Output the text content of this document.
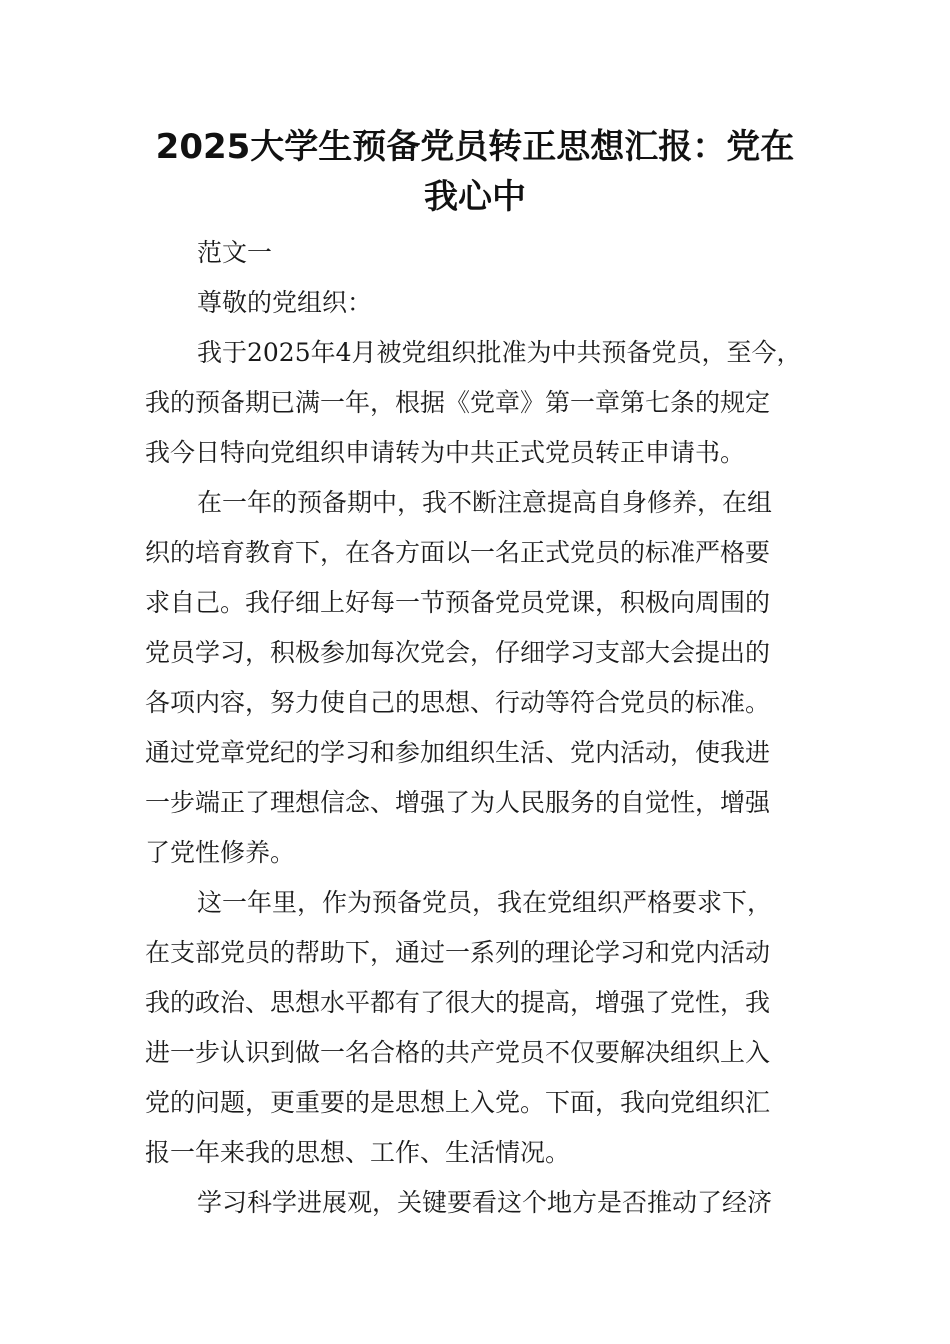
2025大学生预备党员转正思想汇报：党在
我心中
范文一
尊敬的党组织：
我于2025年4月被党组织批准为中共预备党员，至今，
我的预备期已满一年，根据《党章》第一章第七条的规定
我今日特向党组织申请转为中共正式党员转正申请书。
在一年的预备期中，我不断注意提高自身修养，在组
织的培育教育下，在各方面以一名正式党员的标准严格要
求自己。我仔细上好每一节预备党员党课，积极向周围的
党员学习，积极参加每次党会，仔细学习支部大会提出的
各项内容，努力使自己的思想、行动等符合党员的标准。
通过党章党纪的学习和参加组织生活、党内活动，使我进
一步端正了理想信念、增强了为人民服务的自觉性，增强
了党性修养。
这一年里，作为预备党员，我在党组织严格要求下，
在支部党员的帮助下，通过一系列的理论学习和党内活动
我的政治、思想水平都有了很大的提高，增强了党性，我
进一步认识到做一名合格的共产党员不仅要解决组织上入
党的问题，更重要的是思想上入党。下面，我向党组织汇
报一年来我的思想、工作、生活情况。
学习科学进展观，关键要看这个地方是否推动了经济
